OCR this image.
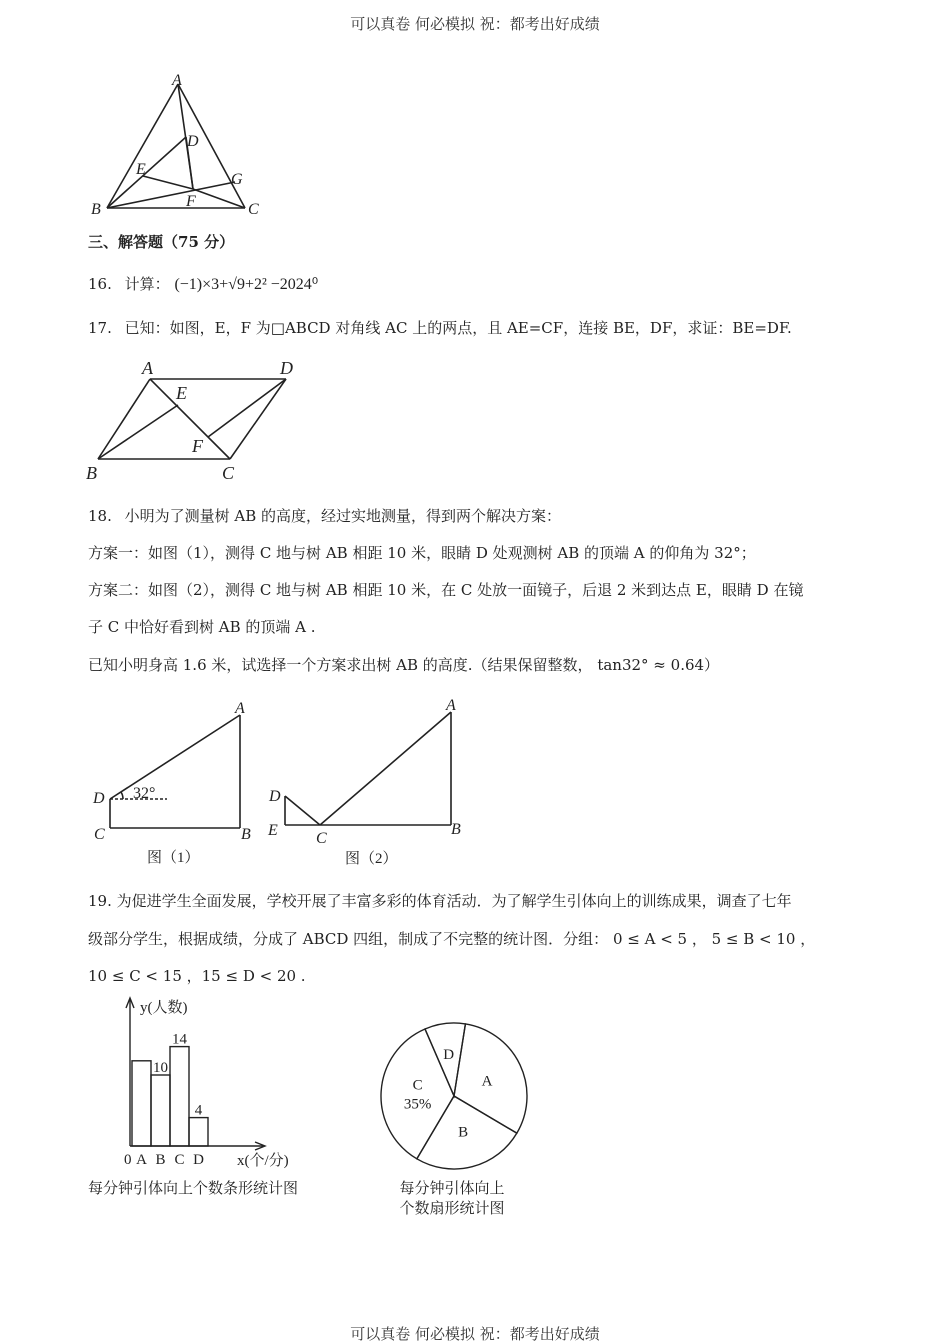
可以真卷 何必模拟 祝：都考出好成绩
A
B	C
D
E
F
G
三、解答题（75 分）
16. 计算： (−1)×3+√9+2² −2024⁰
17. 已知：如图，E，F 为□ABCD 对角线 AC 上的两点，且 AE=CF，连接 BE，DF，求证：BE=DF.
A	D
E
F
B	C
18. 小明为了测量树 AB 的高度，经过实地测量，得到两个解决方案：
方案一：如图（1），测得 C 地与树 AB 相距 10 米，眼睛 D 处观测树 AB 的顶端 A 的仰角为 32°；
方案二：如图（2），测得 C 地与树 AB 相距 10 米，在 C 处放一面镜子，后退 2 米到达点 E，眼睛 D 在镜
子 C 中恰好看到树 AB 的顶端 A .
已知小明身高 1.6 米，试选择一个方案求出树 AB 的高度.（结果保留整数， tan32° ≈ 0.64）
A
D
C	B
32°
图（1）
A
D
E C
B
图（2）
19. 为促进学生全面发展，学校开展了丰富多彩的体育活动．为了解学生引体向上的训练成果，调查了七年
级部分学生，根据成绩，分成了 ABCD 四组，制成了不完整的统计图．分组： 0 ≤ A < 5 ， 5 ≤ B < 10 ，
10 ≤ C < 15 ，15 ≤ D < 20 .
A B
10
C
14
D
4
y(人数)
x(个/分)
0
每分钟引体向上个数条形统计图
A
B
C
35%
D
每分钟引体向上
个数扇形统计图
可以真卷 何必模拟 祝：都考出好成绩
